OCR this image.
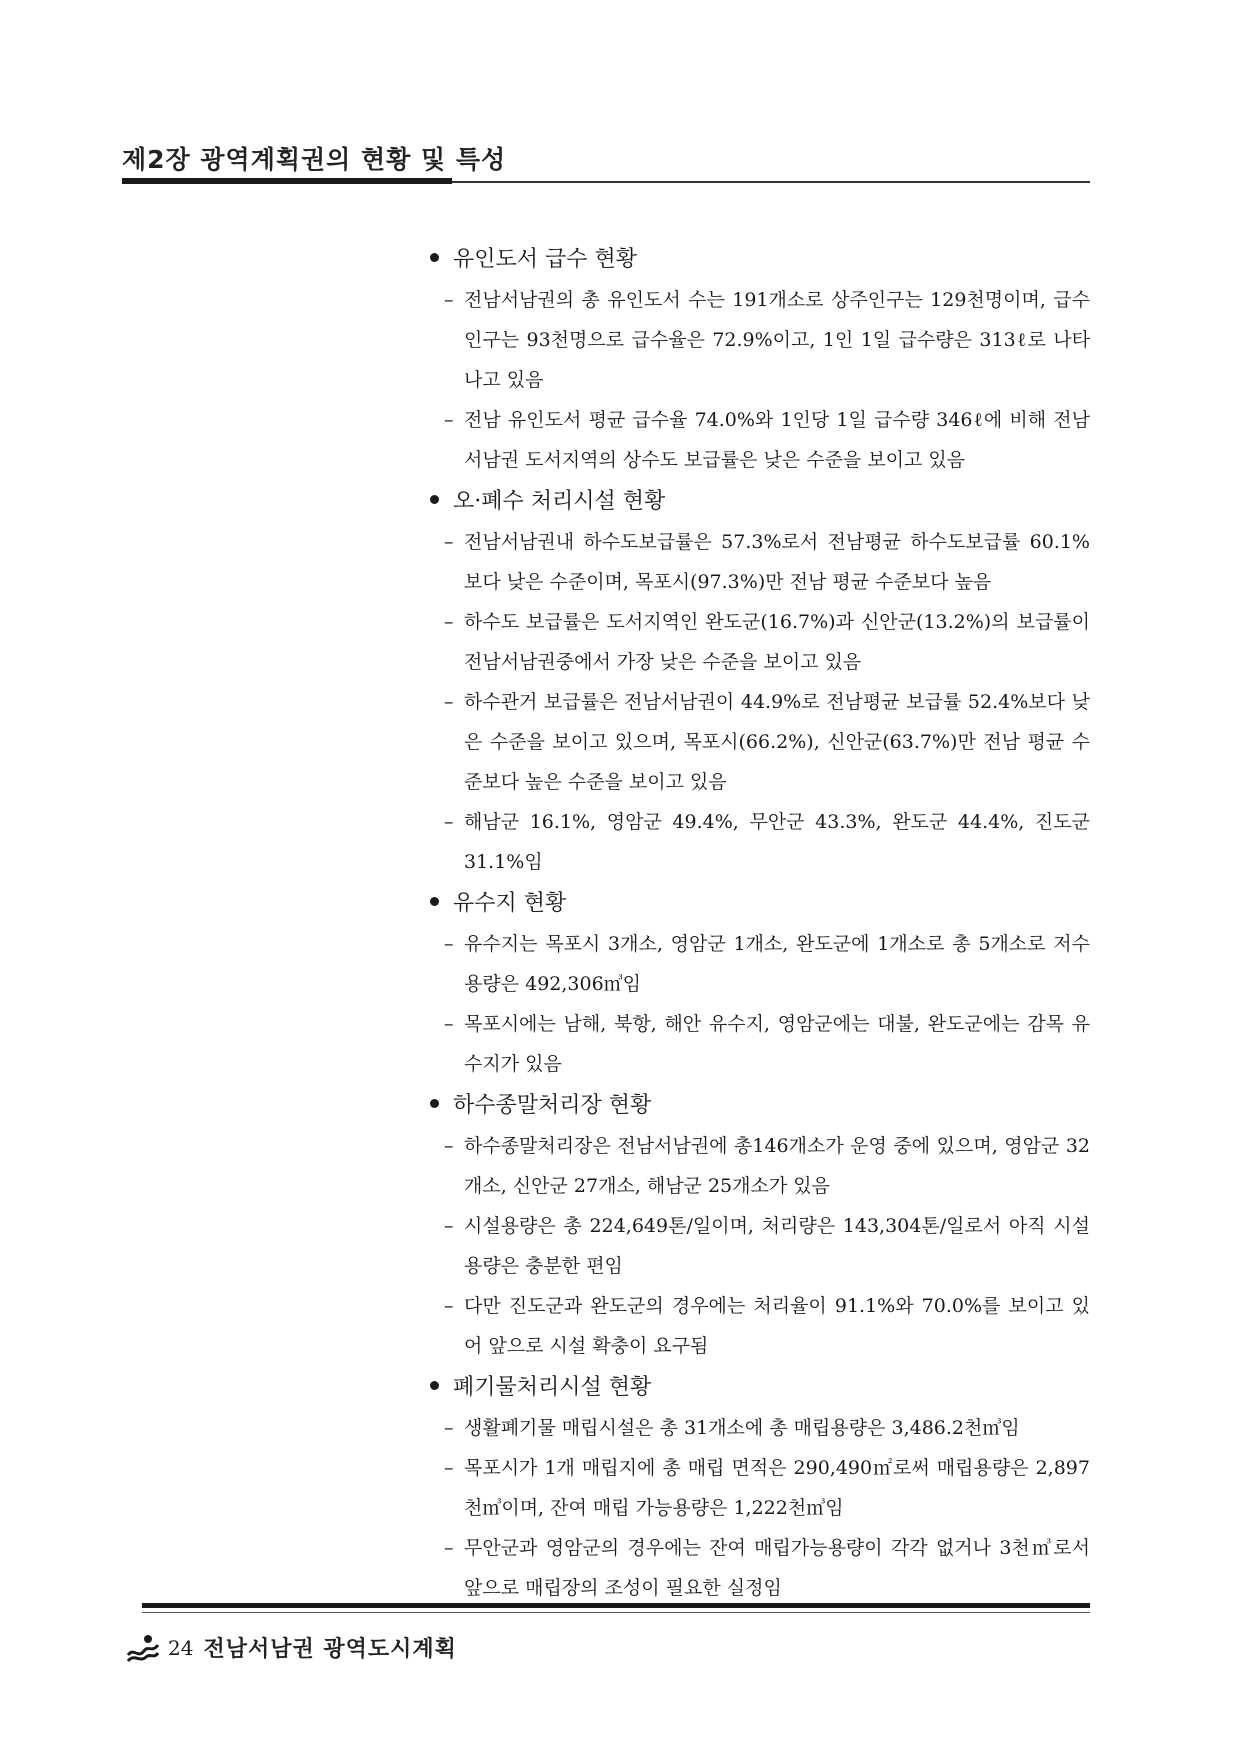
제2장 광역계획권의 현황 및 특성
유인도서 급수 현황
– 전남서남권의 총 유인도서 수는 191개소로 상주인구는 129천명이며, 급수인구는 93천명으로 급수율은 72.9%이고, 1인 1일 급수량은 313ℓ로 나타나고 있음
– 전남 유인도서 평균 급수율 74.0%와 1인당 1일 급수량 346ℓ에 비해 전남서남권 도서지역의 상수도 보급률은 낮은 수준을 보이고 있음
오·폐수 처리시설 현황
– 전남서남권내 하수도보급률은 57.3%로서 전남평균 하수도보급률 60.1%보다 낮은 수준이며, 목포시(97.3%)만 전남 평균 수준보다 높음
– 하수도 보급률은 도서지역인 완도군(16.7%)과 신안군(13.2%)의 보급률이 전남서남권중에서 가장 낮은 수준을 보이고 있음
– 하수관거 보급률은 전남서남권이 44.9%로 전남평균 보급률 52.4%보다 낮은 수준을 보이고 있으며, 목포시(66.2%), 신안군(63.7%)만 전남 평균 수준보다 높은 수준을 보이고 있음
– 해남군 16.1%, 영암군 49.4%, 무안군 43.3%, 완도군 44.4%, 진도군 31.1%임
유수지 현황
– 유수지는 목포시 3개소, 영암군 1개소, 완도군에 1개소로 총 5개소로 저수용량은 492,306㎥임
– 목포시에는 남해, 북항, 해안 유수지, 영암군에는 대불, 완도군에는 감목 유수지가 있음
하수종말처리장 현황
– 하수종말처리장은 전남서남권에 총146개소가 운영 중에 있으며, 영암군 32개소, 신안군 27개소, 해남군 25개소가 있음
– 시설용량은 총 224,649톤/일이며, 처리량은 143,304톤/일로서 아직 시설용량은 충분한 편임
– 다만 진도군과 완도군의 경우에는 처리율이 91.1%와 70.0%를 보이고 있어 앞으로 시설 확충이 요구됨
폐기물처리시설 현황
– 생활폐기물 매립시설은 총 31개소에 총 매립용량은 3,486.2천㎥임
– 목포시가 1개 매립지에 총 매립 면적은 290,490㎡로써 매립용량은 2,897천㎥이며, 잔여 매립 가능용량은 1,222천㎥임
– 무안군과 영암군의 경우에는 잔여 매립가능용량이 각각 없거나 3천㎥로서 앞으로 매립장의 조성이 필요한 실정임
24 전남서남권 광역도시계획
